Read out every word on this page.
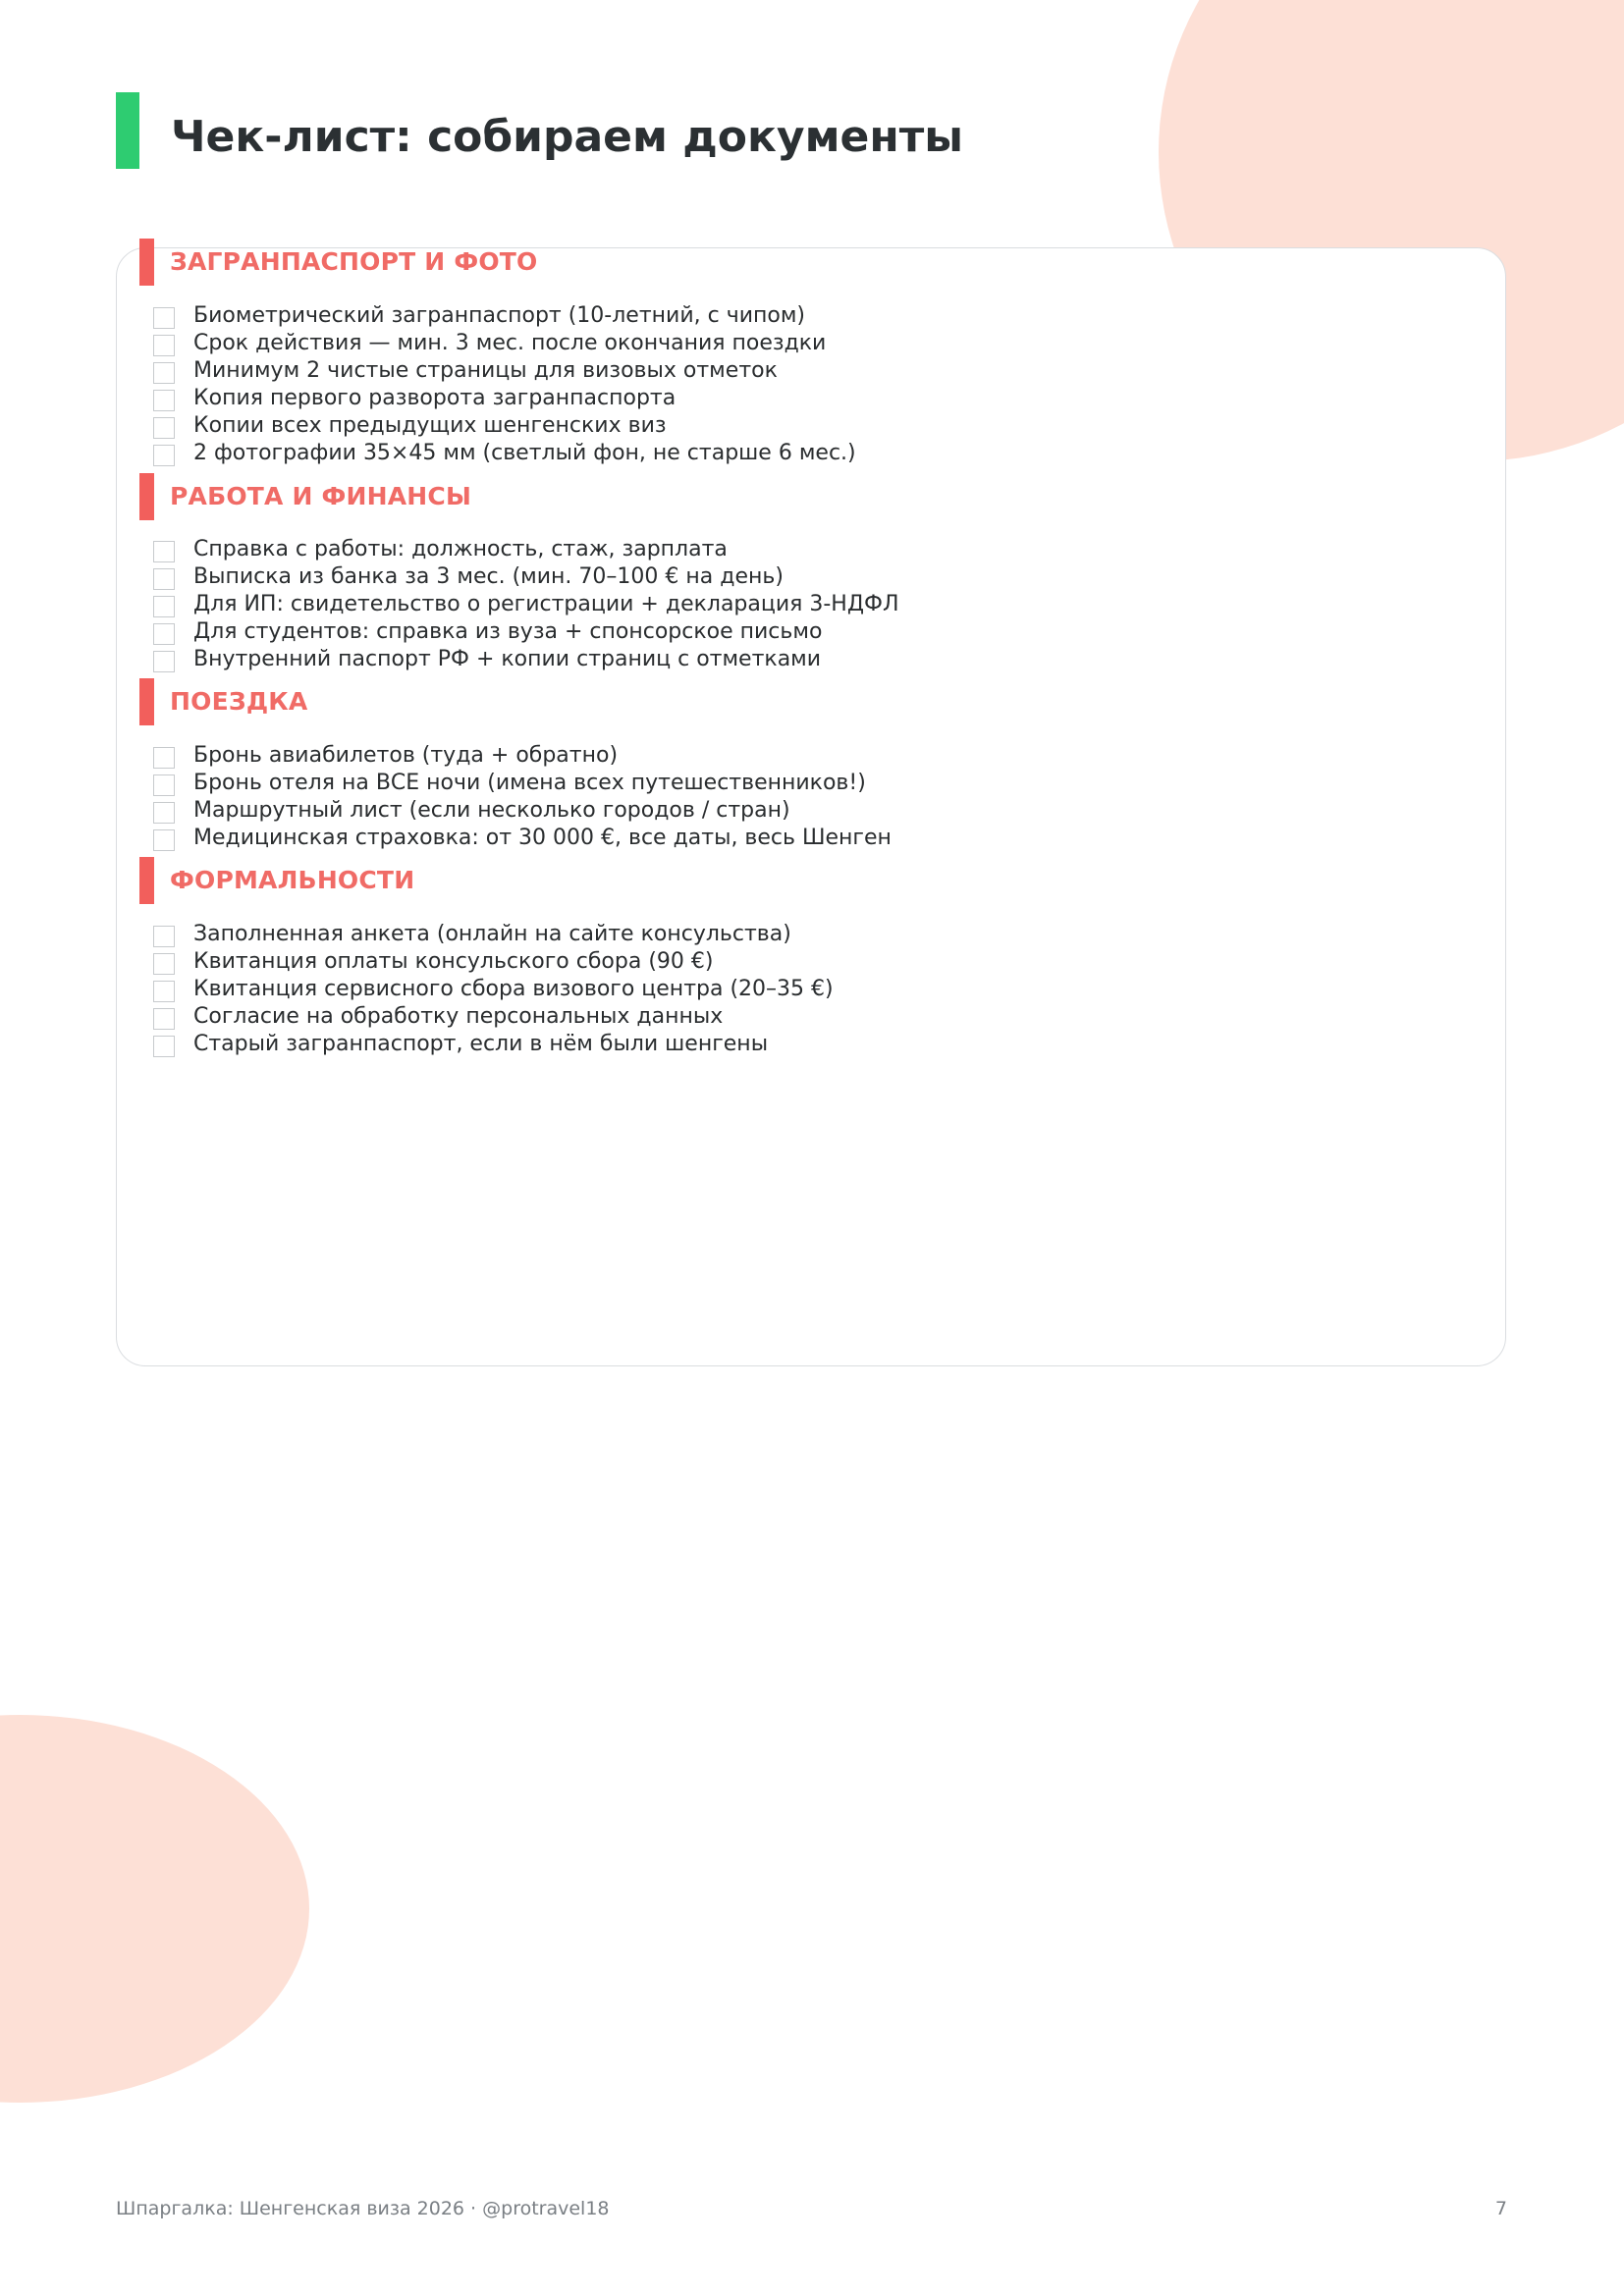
Чек-лист: собираем документы
ЗАГРАНПАСПОРТ И ФОТО
Биометрический загранпаспорт (10-летний, с чипом)
Срок действия — мин. 3 мес. после окончания поездки
Минимум 2 чистые страницы для визовых отметок
Копия первого разворота загранпаспорта
Копии всех предыдущих шенгенских виз
2 фотографии 35×45 мм (светлый фон, не старше 6 мес.)
РАБОТА И ФИНАНСЫ
Справка с работы: должность, стаж, зарплата
Выписка из банка за 3 мес. (мин. 70–100 € на день)
Для ИП: свидетельство о регистрации + декларация 3-НДФЛ
Для студентов: справка из вуза + спонсорское письмо
Внутренний паспорт РФ + копии страниц с отметками
ПОЕЗДКА
Бронь авиабилетов (туда + обратно)
Бронь отеля на ВСЕ ночи (имена всех путешественников!)
Маршрутный лист (если несколько городов / стран)
Медицинская страховка: от 30 000 €, все даты, весь Шенген
ФОРМАЛЬНОСТИ
Заполненная анкета (онлайн на сайте консульства)
Квитанция оплаты консульского сбора (90 €)
Квитанция сервисного сбора визового центра (20–35 €)
Согласие на обработку персональных данных
Старый загранпаспорт, если в нём были шенгены
Шпаргалка: Шенгенская виза 2026 · @protravel18	7
